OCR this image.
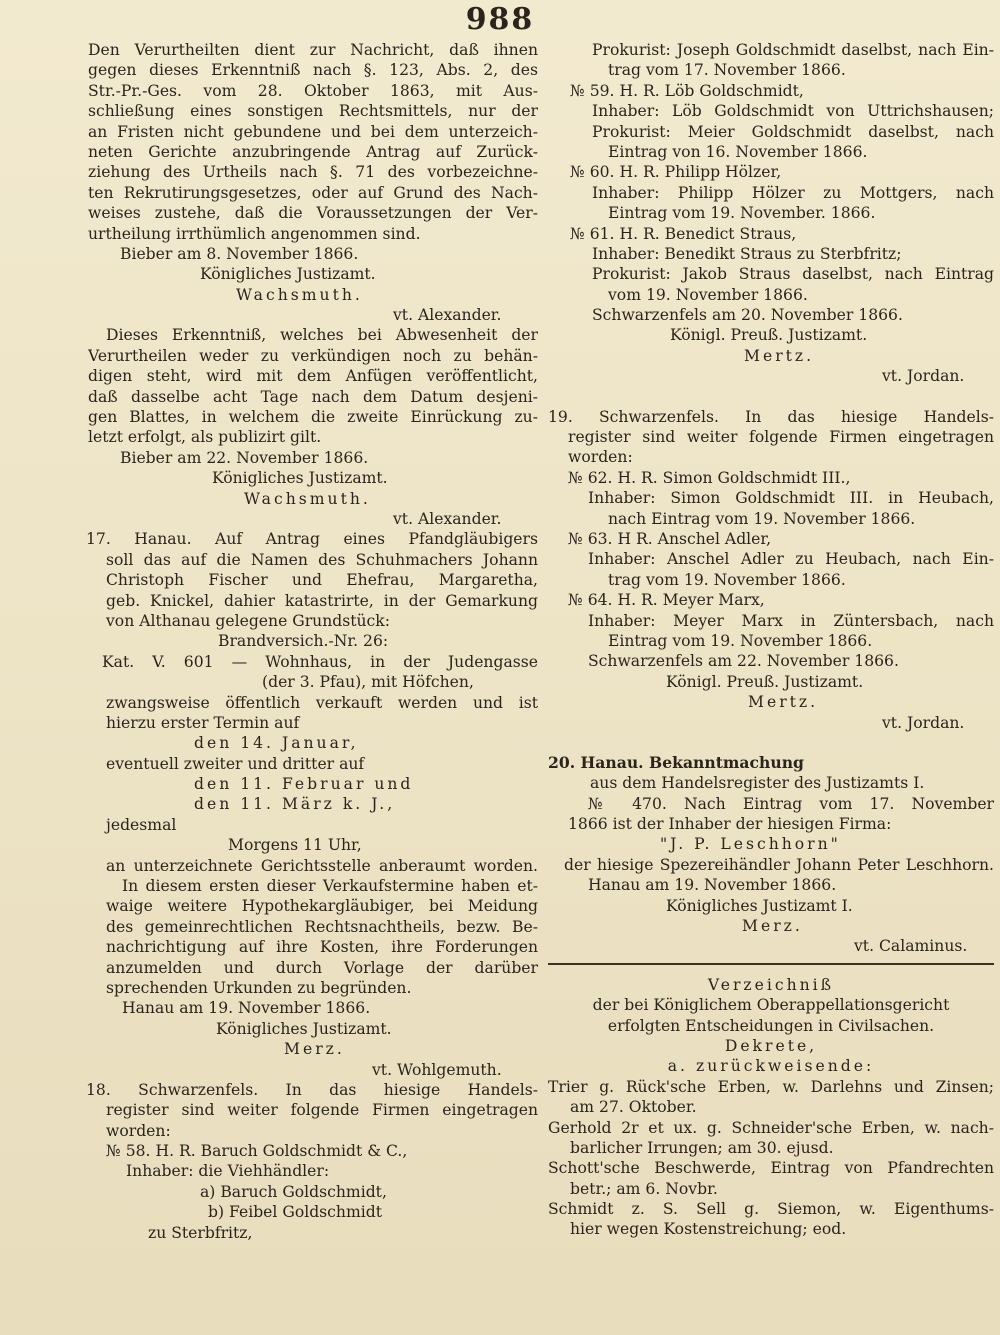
988
Den Verurtheilten dient zur Nachricht, daß ihnen
gegen dieses Erkenntniß nach §. 123, Abs. 2, des
Str.-Pr.-Ges. vom 28. Oktober 1863, mit Aus-
schließung eines sonstigen Rechtsmittels, nur der
an Fristen nicht gebundene und bei dem unterzeich-
neten Gerichte anzubringende Antrag auf Zurück-
ziehung des Urtheils nach §. 71 des vorbezeichne-
ten Rekrutirungsgesetzes, oder auf Grund des Nach-
weises zustehe, daß die Voraussetzungen der Ver-
urtheilung irrthümlich angenommen sind.
Bieber am 8. November 1866.
Königliches Justizamt.
Wachsmuth.
vt. Alexander.
Dieses Erkenntniß, welches bei Abwesenheit der
Verurtheilen weder zu verkündigen noch zu behän-
digen steht, wird mit dem Anfügen veröffentlicht,
daß dasselbe acht Tage nach dem Datum desjeni-
gen Blattes, in welchem die zweite Einrückung zu-
letzt erfolgt, als publizirt gilt.
Bieber am 22. November 1866.
Königliches Justizamt.
Wachsmuth.
vt. Alexander.
17. Hanau. Auf Antrag eines Pfandgläubigers
soll das auf die Namen des Schuhmachers Johann
Christoph Fischer und Ehefrau, Margaretha,
geb. Knickel, dahier katastrirte, in der Gemarkung
von Althanau gelegene Grundstück:
Brandversich.-Nr. 26:
Kat. V. 601 — Wohnhaus, in der Judengasse
(der 3. Pfau), mit Höfchen,
zwangsweise öffentlich verkauft werden und ist
hierzu erster Termin auf
den 14. Januar,
eventuell zweiter und dritter auf
den 11. Februar und
den 11. März k. J.,
jedesmal
Morgens 11 Uhr,
an unterzeichnete Gerichtsstelle anberaumt worden.
In diesem ersten dieser Verkaufstermine haben et-
waige weitere Hypothekargläubiger, bei Meidung
des gemeinrechtlichen Rechtsnachtheils, bezw. Be-
nachrichtigung auf ihre Kosten, ihre Forderungen
anzumelden und durch Vorlage der darüber
sprechenden Urkunden zu begründen.
Hanau am 19. November 1866.
Königliches Justizamt.
Merz.
vt. Wohlgemuth.
18. Schwarzenfels. In das hiesige Handels-
register sind weiter folgende Firmen eingetragen
worden:
№ 58. H. R. Baruch Goldschmidt & C.,
Inhaber: die Viehhändler:
a) Baruch Goldschmidt,
b) Feibel Goldschmidt
zu Sterbfritz,
Prokurist: Joseph Goldschmidt daselbst, nach Ein-
trag vom 17. November 1866.
№ 59. H. R. Löb Goldschmidt,
Inhaber: Löb Goldschmidt von Uttrichshausen;
Prokurist: Meier Goldschmidt daselbst, nach
Eintrag von 16. November 1866.
№ 60. H. R. Philipp Hölzer,
Inhaber: Philipp Hölzer zu Mottgers, nach
Eintrag vom 19. November. 1866.
№ 61. H. R. Benedict Straus,
Inhaber: Benedikt Straus zu Sterbfritz;
Prokurist: Jakob Straus daselbst, nach Eintrag
vom 19. November 1866.
Schwarzenfels am 20. November 1866.
Königl. Preuß. Justizamt.
Mertz.
vt. Jordan.
19. Schwarzenfels. In das hiesige Handels-
register sind weiter folgende Firmen eingetragen
worden:
№ 62. H. R. Simon Goldschmidt III.,
Inhaber: Simon Goldschmidt III. in Heubach,
nach Eintrag vom 19. November 1866.
№ 63. H R. Anschel Adler,
Inhaber: Anschel Adler zu Heubach, nach Ein-
trag vom 19. November 1866.
№ 64. H. R. Meyer Marx,
Inhaber: Meyer Marx in Züntersbach, nach
Eintrag vom 19. November 1866.
Schwarzenfels am 22. November 1866.
Königl. Preuß. Justizamt.
Mertz.
vt. Jordan.
20. Hanau. Bekanntmachung
aus dem Handelsregister des Justizamts I.
№ 470. Nach Eintrag vom 17. November
1866 ist der Inhaber der hiesigen Firma:
"J. P. Leschhorn"
der hiesige Spezereihändler Johann Peter Leschhorn.
Hanau am 19. November 1866.
Königliches Justizamt I.
Merz.
vt. Calaminus.
Verzeichniß
der bei Königlichem Oberappellationsgericht
erfolgten Entscheidungen in Civilsachen.
Dekrete,
a. zurückweisende:
Trier g. Rück'sche Erben, w. Darlehns und Zinsen;
am 27. Oktober.
Gerhold 2r et ux. g. Schneider'sche Erben, w. nach-
barlicher Irrungen; am 30. ejusd.
Schott'sche Beschwerde, Eintrag von Pfandrechten
betr.; am 6. Novbr.
Schmidt z. S. Sell g. Siemon, w. Eigenthums-
hier wegen Kostenstreichung; eod.
